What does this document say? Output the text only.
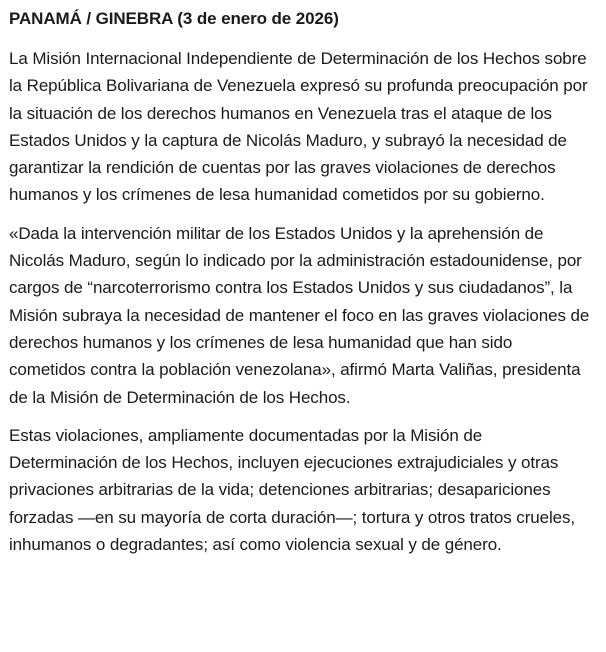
PANAMÁ / GINEBRA (3 de enero de 2026)

La Misión Internacional Independiente de Determinación de los Hechos sobre la República Bolivariana de Venezuela expresó su profunda preocupación por la situación de los derechos humanos en Venezuela tras el ataque de los Estados Unidos y la captura de Nicolás Maduro, y subrayó la necesidad de garantizar la rendición de cuentas por las graves violaciones de derechos humanos y los crímenes de lesa humanidad cometidos por su gobierno.

«Dada la intervención militar de los Estados Unidos y la aprehensión de Nicolás Maduro, según lo indicado por la administración estadounidense, por cargos de “narcoterrorismo contra los Estados Unidos y sus ciudadanos”, la Misión subraya la necesidad de mantener el foco en las graves violaciones de derechos humanos y los crímenes de lesa humanidad que han sido cometidos contra la población venezolana», afirmó Marta Valiñas, presidenta de la Misión de Determinación de los Hechos.

Estas violaciones, ampliamente documentadas por la Misión de Determinación de los Hechos, incluyen ejecuciones extrajudiciales y otras privaciones arbitrarias de la vida; detenciones arbitrarias; desapariciones forzadas —en su mayoría de corta duración—; tortura y otros tratos crueles, inhumanos o degradantes; así como violencia sexual y de género.
